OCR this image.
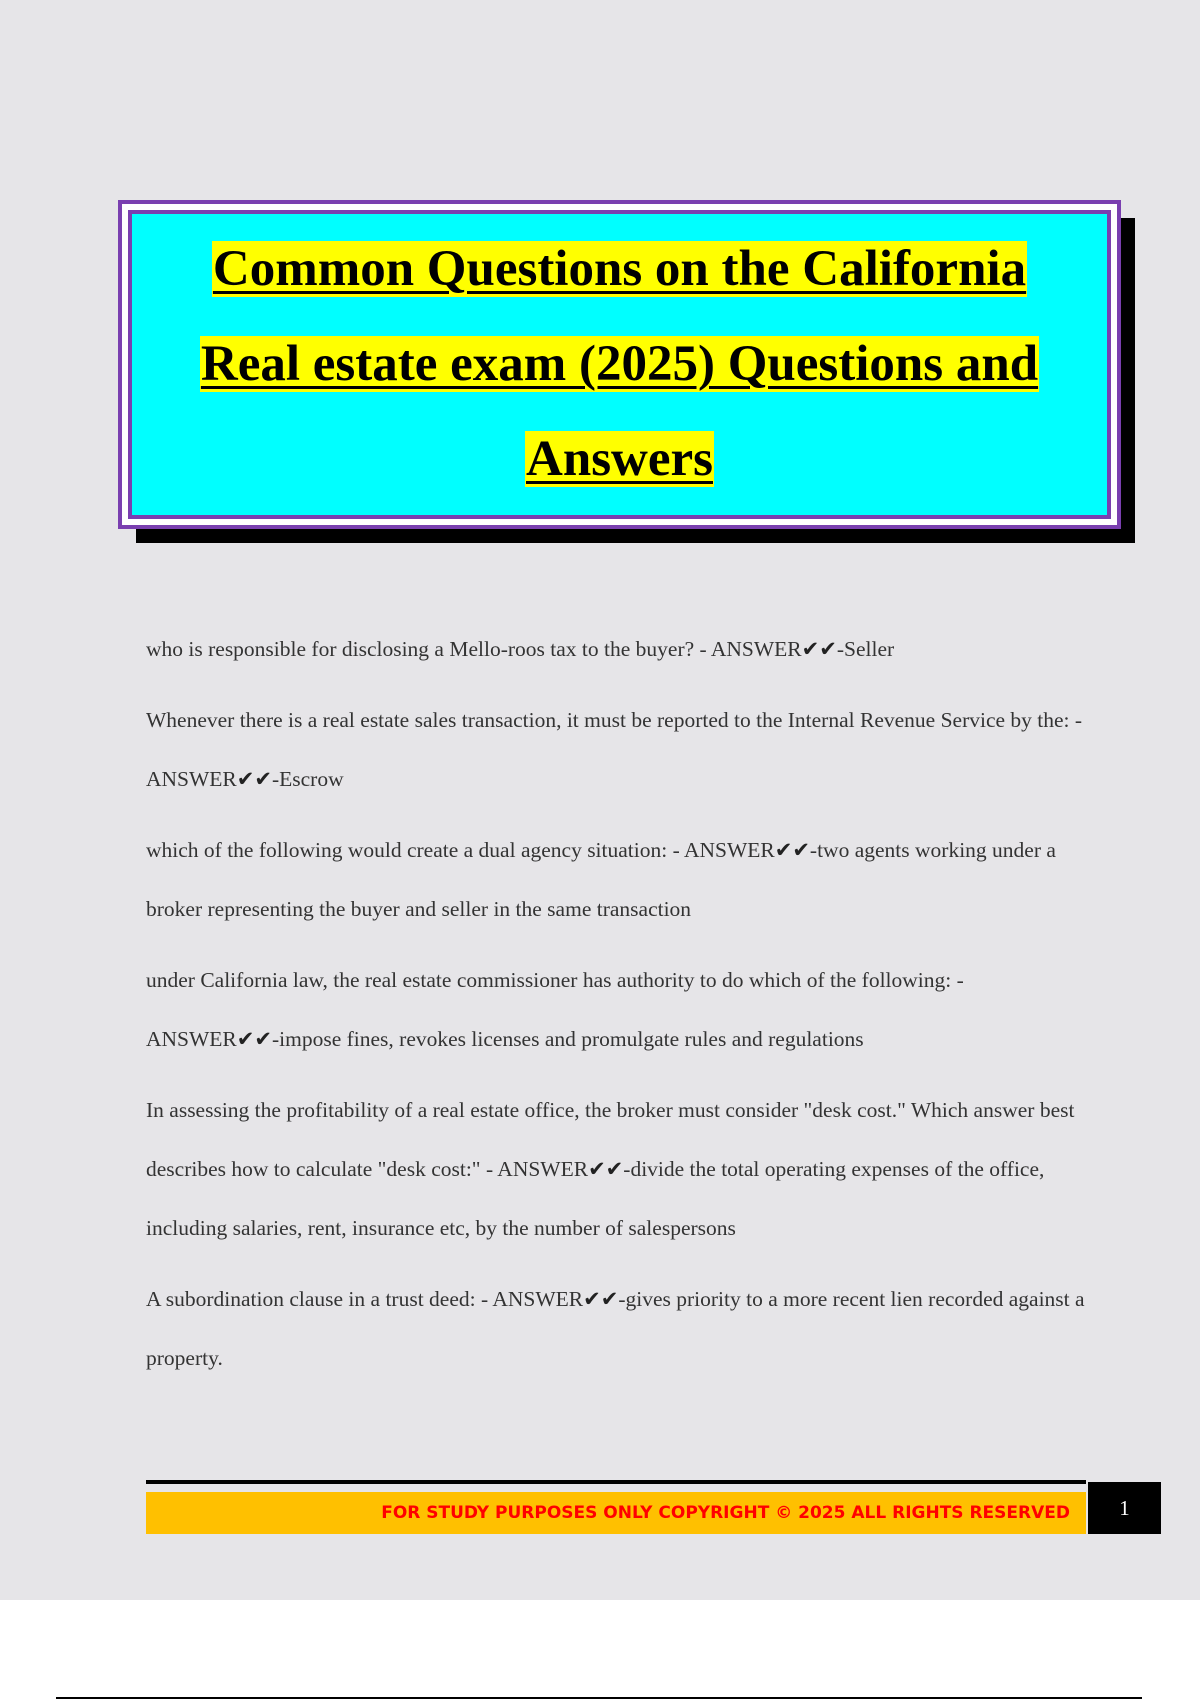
Common Questions on the California
Real estate exam (2025) Questions and
Answers

who is responsible for disclosing a Mello-roos tax to the buyer? - ANSWER✔✔-Seller

Whenever there is a real estate sales transaction, it must be reported to the Internal Revenue Service by the: - ANSWER✔✔-Escrow

which of the following would create a dual agency situation: - ANSWER✔✔-two agents working under a broker representing the buyer and seller in the same transaction

under California law, the real estate commissioner has authority to do which of the following: - ANSWER✔✔-impose fines, revokes licenses and promulgate rules and regulations

In assessing the profitability of a real estate office, the broker must consider "desk cost." Which answer best describes how to calculate "desk cost:" - ANSWER✔✔-divide the total operating expenses of the office, including salaries, rent, insurance etc, by the number of salespersons

A subordination clause in a trust deed: - ANSWER✔✔-gives priority to a more recent lien recorded against a property.

FOR STUDY PURPOSES ONLY COPYRIGHT © 2025 ALL RIGHTS RESERVED 1
